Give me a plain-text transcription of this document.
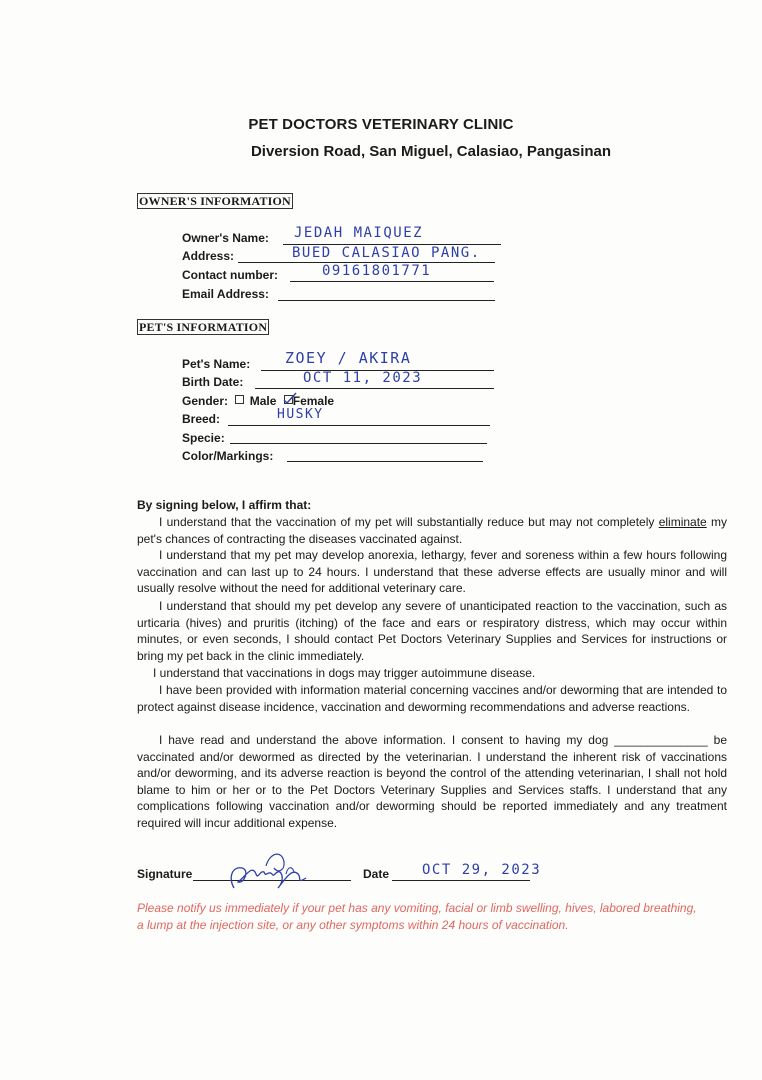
PET DOCTORS VETERINARY CLINIC
Diversion Road, San Miguel, Calasiao, Pangasinan
OWNER'S INFORMATION
Owner's Name: JEDAH MAIQUEZ
Address:	BUED CALASIAO PANG.
Contact number:	09161801771
Email Address:
PET'S INFORMATION
Pet's Name: ZOEY / AKIRA
Birth Date:	OCT 11, 2023
Gender: Male Female
Breed:	HUSKY
Specie:
Color/Markings:
By signing below, I affirm that:

I understand that the vaccination of my pet will substantially reduce but may not completely eliminate my pet's chances of contracting the diseases vaccinated against.

I understand that my pet may develop anorexia, lethargy, fever and soreness within a few hours following vaccination and can last up to 24 hours. I understand that these adverse effects are usually minor and will usually resolve without the need for additional veterinary care.

I understand that should my pet develop any severe of unanticipated reaction to the vaccination, such as urticaria (hives) and pruritis (itching) of the face and ears or respiratory distress, which may occur within minutes, or even seconds, I should contact Pet Doctors Veterinary Supplies and Services for instructions or bring my pet back in the clinic immediately.

I understand that vaccinations in dogs may trigger autoimmune disease.

I have been provided with information material concerning vaccines and/or deworming that are intended to protect against disease incidence, vaccination and deworming recommendations and adverse reactions.

I have read and understand the above information. I consent to having my dog ______________ be vaccinated and/or dewormed as directed by the veterinarian. I understand the inherent risk of vaccinations and/or deworming, and its adverse reaction is beyond the control of the attending veterinarian, I shall not hold blame to him or her or to the Pet Doctors Veterinary Supplies and Services staffs. I understand that any complications following vaccination and/or deworming should be reported immediately and any treatment required will incur additional expense.

Signature	Date OCT 29, 2023
Please notify us immediately if your pet has any vomiting, facial or limb swelling, hives, labored breathing, a lump at the injection site, or any other symptoms within 24 hours of vaccination.
